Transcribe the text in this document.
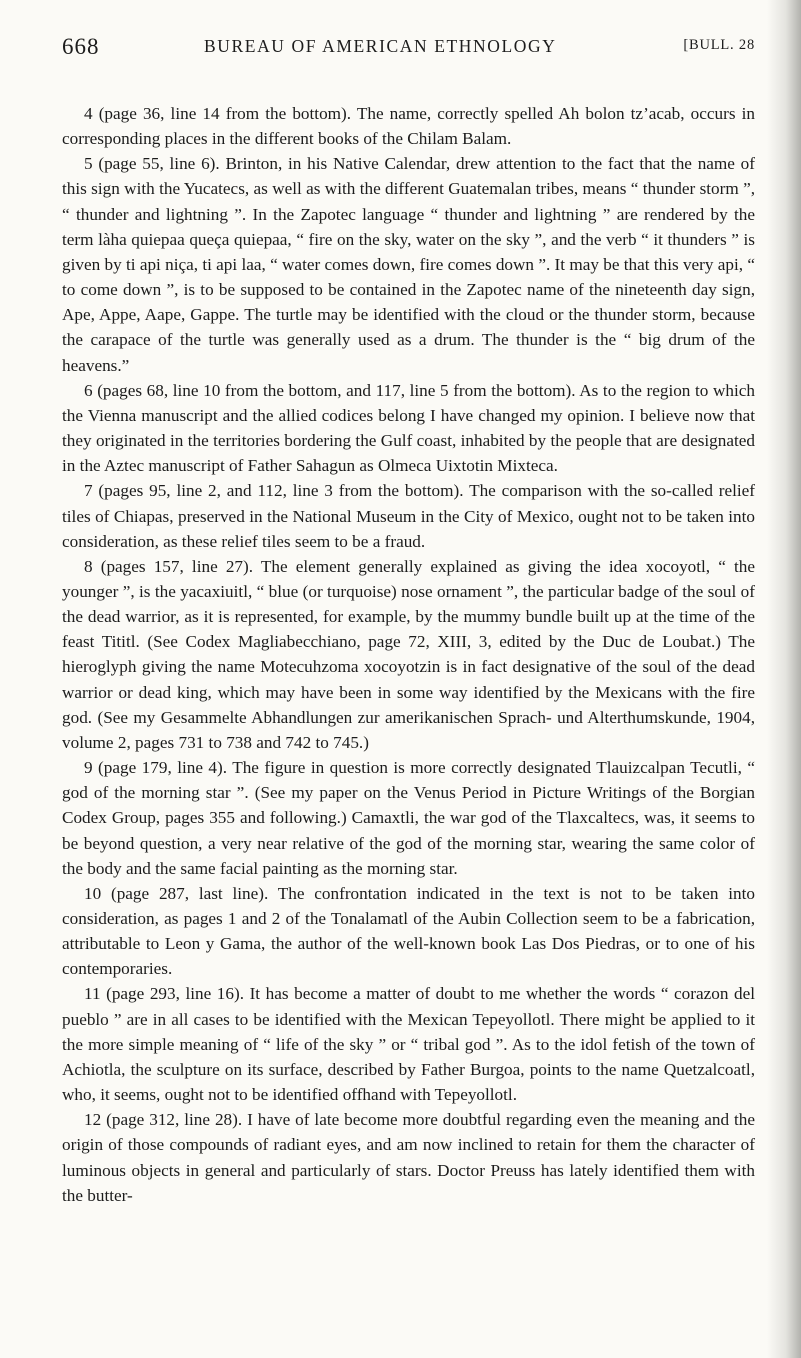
668	BUREAU OF AMERICAN ETHNOLOGY	[BULL. 28

4 (page 36, line 14 from the bottom). The name, correctly spelled Ah bolon tz’acab, occurs in corresponding places in the different books of the Chilam Balam.

5 (page 55, line 6). Brinton, in his Native Calendar, drew attention to the fact that the name of this sign with the Yucatecs, as well as with the different Guatemalan tribes, means “ thunder storm ”, “ thunder and lightning ”. In the Zapotec language “ thunder and lightning ” are rendered by the term làha quiepaa queça quiepaa, “ fire on the sky, water on the sky ”, and the verb “ it thunders ” is given by ti api niça, ti api laa, “ water comes down, fire comes down ”. It may be that this very api, “ to come down ”, is to be supposed to be contained in the Zapotec name of the nineteenth day sign, Ape, Appe, Aape, Gappe. The turtle may be identified with the cloud or the thunder storm, because the carapace of the turtle was generally used as a drum. The thunder is the “ big drum of the heavens.”

6 (pages 68, line 10 from the bottom, and 117, line 5 from the bottom). As to the region to which the Vienna manuscript and the allied codices belong I have changed my opinion. I believe now that they originated in the territories bordering the Gulf coast, inhabited by the people that are designated in the Aztec manuscript of Father Sahagun as Olmeca Uixtotin Mixteca.

7 (pages 95, line 2, and 112, line 3 from the bottom). The comparison with the so-called relief tiles of Chiapas, preserved in the National Museum in the City of Mexico, ought not to be taken into consideration, as these relief tiles seem to be a fraud.

8 (pages 157, line 27). The element generally explained as giving the idea xocoyotl, “ the younger ”, is the yacaxiuitl, “ blue (or turquoise) nose ornament ”, the particular badge of the soul of the dead warrior, as it is represented, for example, by the mummy bundle built up at the time of the feast Tititl. (See Codex Magliabecchiano, page 72, XIII, 3, edited by the Duc de Loubat.) The hieroglyph giving the name Motecuhzoma xocoyotzin is in fact designative of the soul of the dead warrior or dead king, which may have been in some way identified by the Mexicans with the fire god. (See my Gesammelte Abhandlungen zur amerikanischen Sprach- und Alterthumskunde, 1904, volume 2, pages 731 to 738 and 742 to 745.)

9 (page 179, line 4). The figure in question is more correctly designated Tlauizcalpan Tecutli, “ god of the morning star ”. (See my paper on the Venus Period in Picture Writings of the Borgian Codex Group, pages 355 and following.) Camaxtli, the war god of the Tlaxcaltecs, was, it seems to be beyond question, a very near relative of the god of the morning star, wearing the same color of the body and the same facial painting as the morning star.

10 (page 287, last line). The confrontation indicated in the text is not to be taken into consideration, as pages 1 and 2 of the Tonalamatl of the Aubin Collection seem to be a fabrication, attributable to Leon y Gama, the author of the well-known book Las Dos Piedras, or to one of his contemporaries.

11 (page 293, line 16). It has become a matter of doubt to me whether the words “ corazon del pueblo ” are in all cases to be identified with the Mexican Tepeyollotl. There might be applied to it the more simple meaning of “ life of the sky ” or “ tribal god ”. As to the idol fetish of the town of Achiotla, the sculpture on its surface, described by Father Burgoa, points to the name Quetzalcoatl, who, it seems, ought not to be identified offhand with Tepeyollotl.

12 (page 312, line 28). I have of late become more doubtful regarding even the meaning and the origin of those compounds of radiant eyes, and am now inclined to retain for them the character of luminous objects in general and particularly of stars. Doctor Preuss has lately identified them with the butter-
